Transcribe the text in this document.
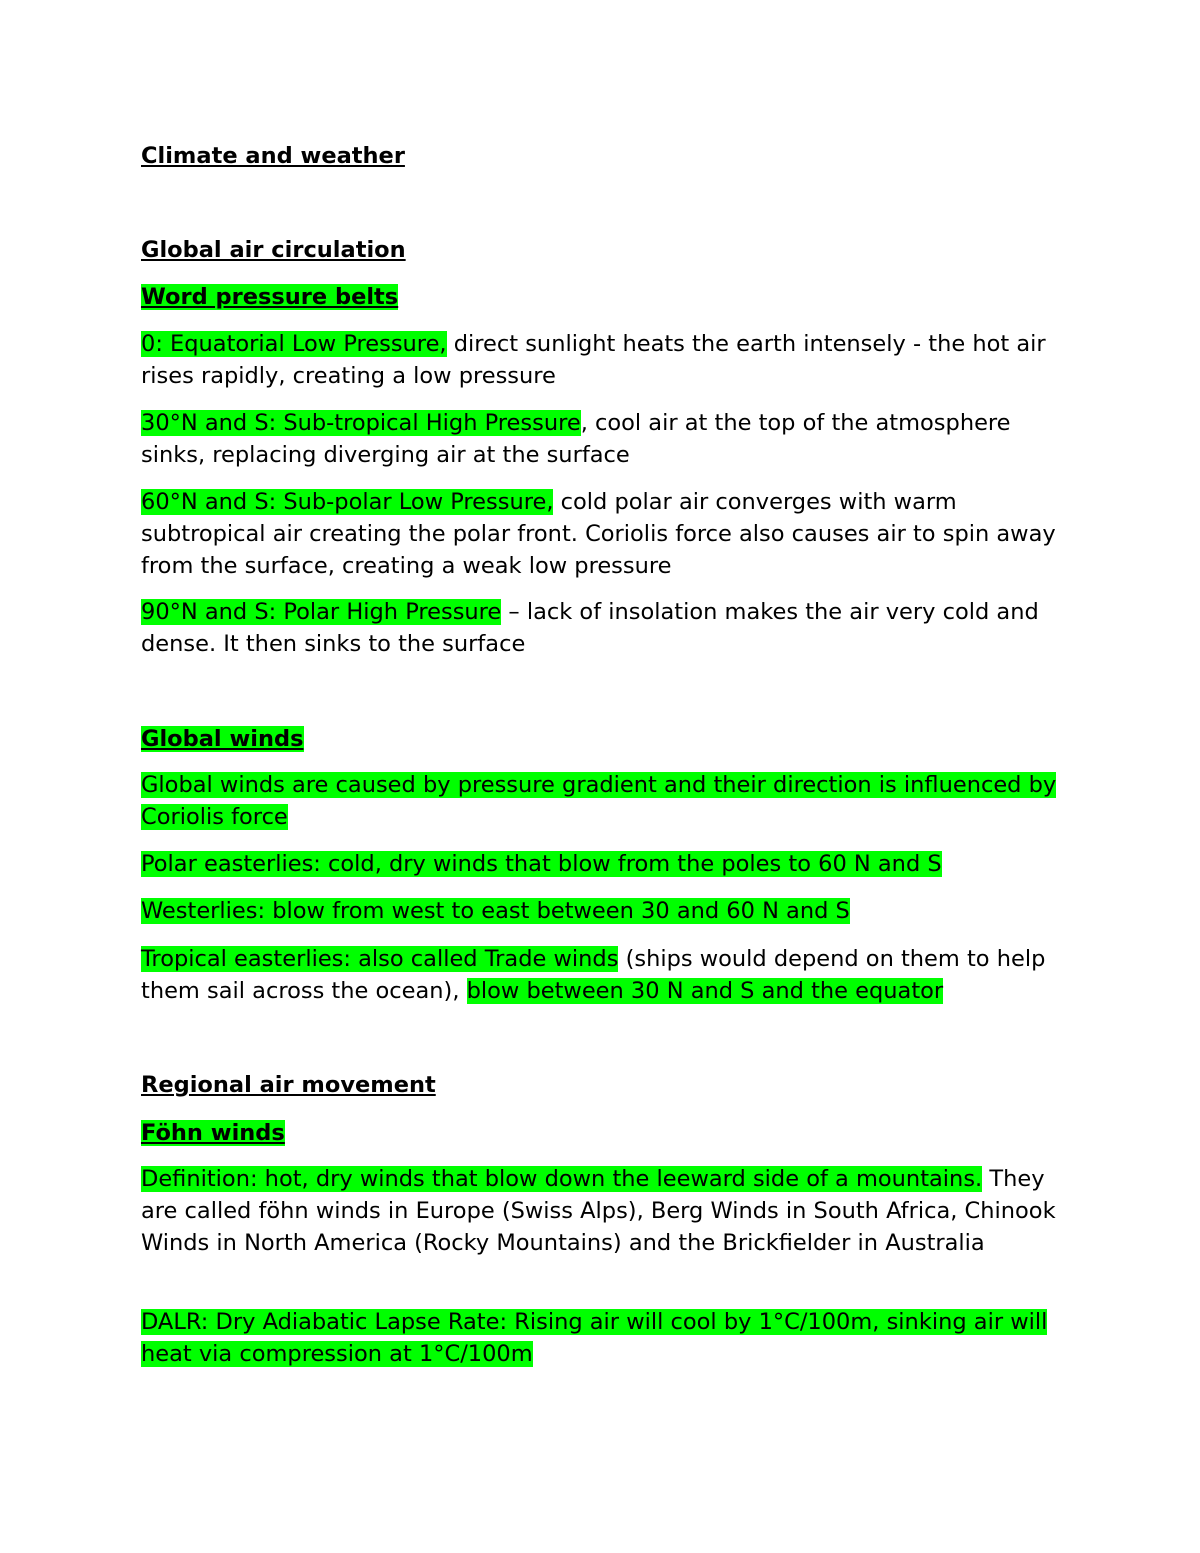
Climate and weather

Global air circulation

Word pressure belts

0: Equatorial Low Pressure, direct sunlight heats the earth intensely - the hot air rises rapidly, creating a low pressure

30°N and S: Sub-tropical High Pressure, cool air at the top of the atmosphere sinks, replacing diverging air at the surface

60°N and S: Sub-polar Low Pressure, cold polar air converges with warm subtropical air creating the polar front. Coriolis force also causes air to spin away from the surface, creating a weak low pressure

90°N and S: Polar High Pressure – lack of insolation makes the air very cold and dense. It then sinks to the surface

Global winds

Global winds are caused by pressure gradient and their direction is influenced by Coriolis force

Polar easterlies: cold, dry winds that blow from the poles to 60 N and S

Westerlies: blow from west to east between 30 and 60 N and S

Tropical easterlies: also called Trade winds (ships would depend on them to help them sail across the ocean), blow between 30 N and S and the equator

Regional air movement

Föhn winds

Definition: hot, dry winds that blow down the leeward side of a mountains. They are called föhn winds in Europe (Swiss Alps), Berg Winds in South Africa, Chinook Winds in North America (Rocky Mountains) and the Brickfielder in Australia

DALR: Dry Adiabatic Lapse Rate: Rising air will cool by 1°C/100m, sinking air will heat via compression at 1°C/100m
